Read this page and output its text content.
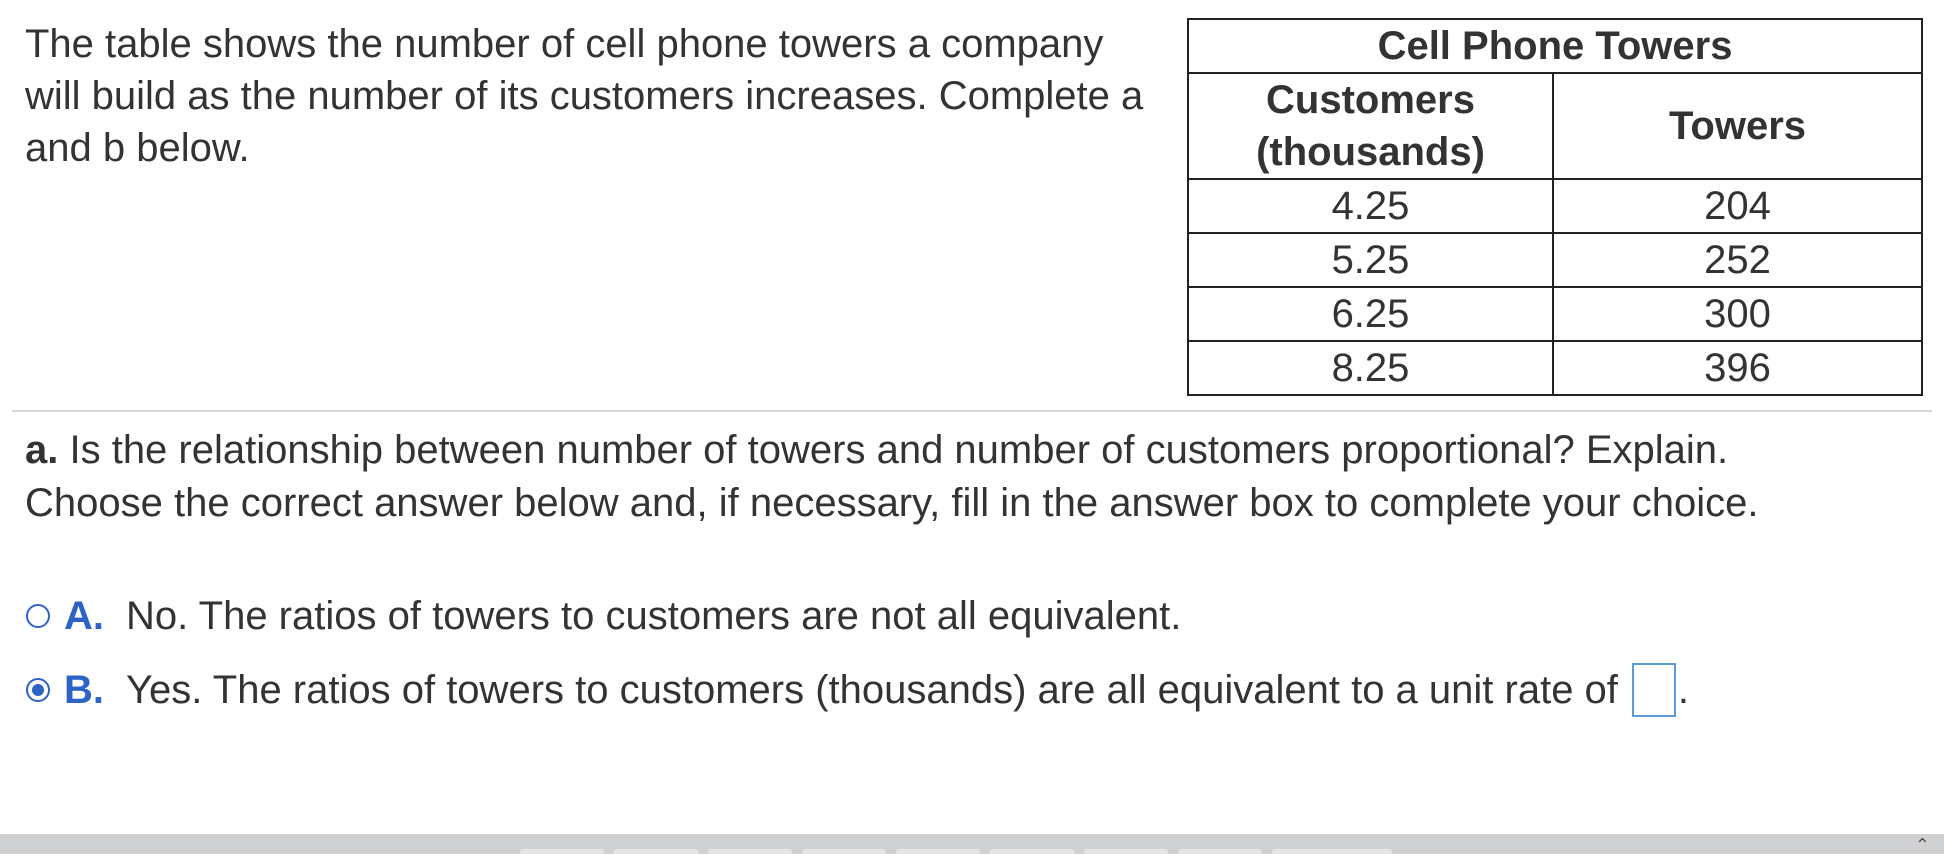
The table shows the number of cell phone towers a company will build as the number of its customers increases. Complete a and b below.
Cell Phone Towers	
Customers
(thousands)	Towers
4.25	204
5.25	252
6.25	300
8.25	396
a. Is the relationship between number of towers and number of customers proportional? Explain.
Choose the correct answer below and, if necessary, fill in the answer box to complete your choice.
A. No. The ratios of towers to customers are not all equivalent.
B. Yes. The ratios of towers to customers (thousands) are all equivalent to a unit rate of .
⌃
